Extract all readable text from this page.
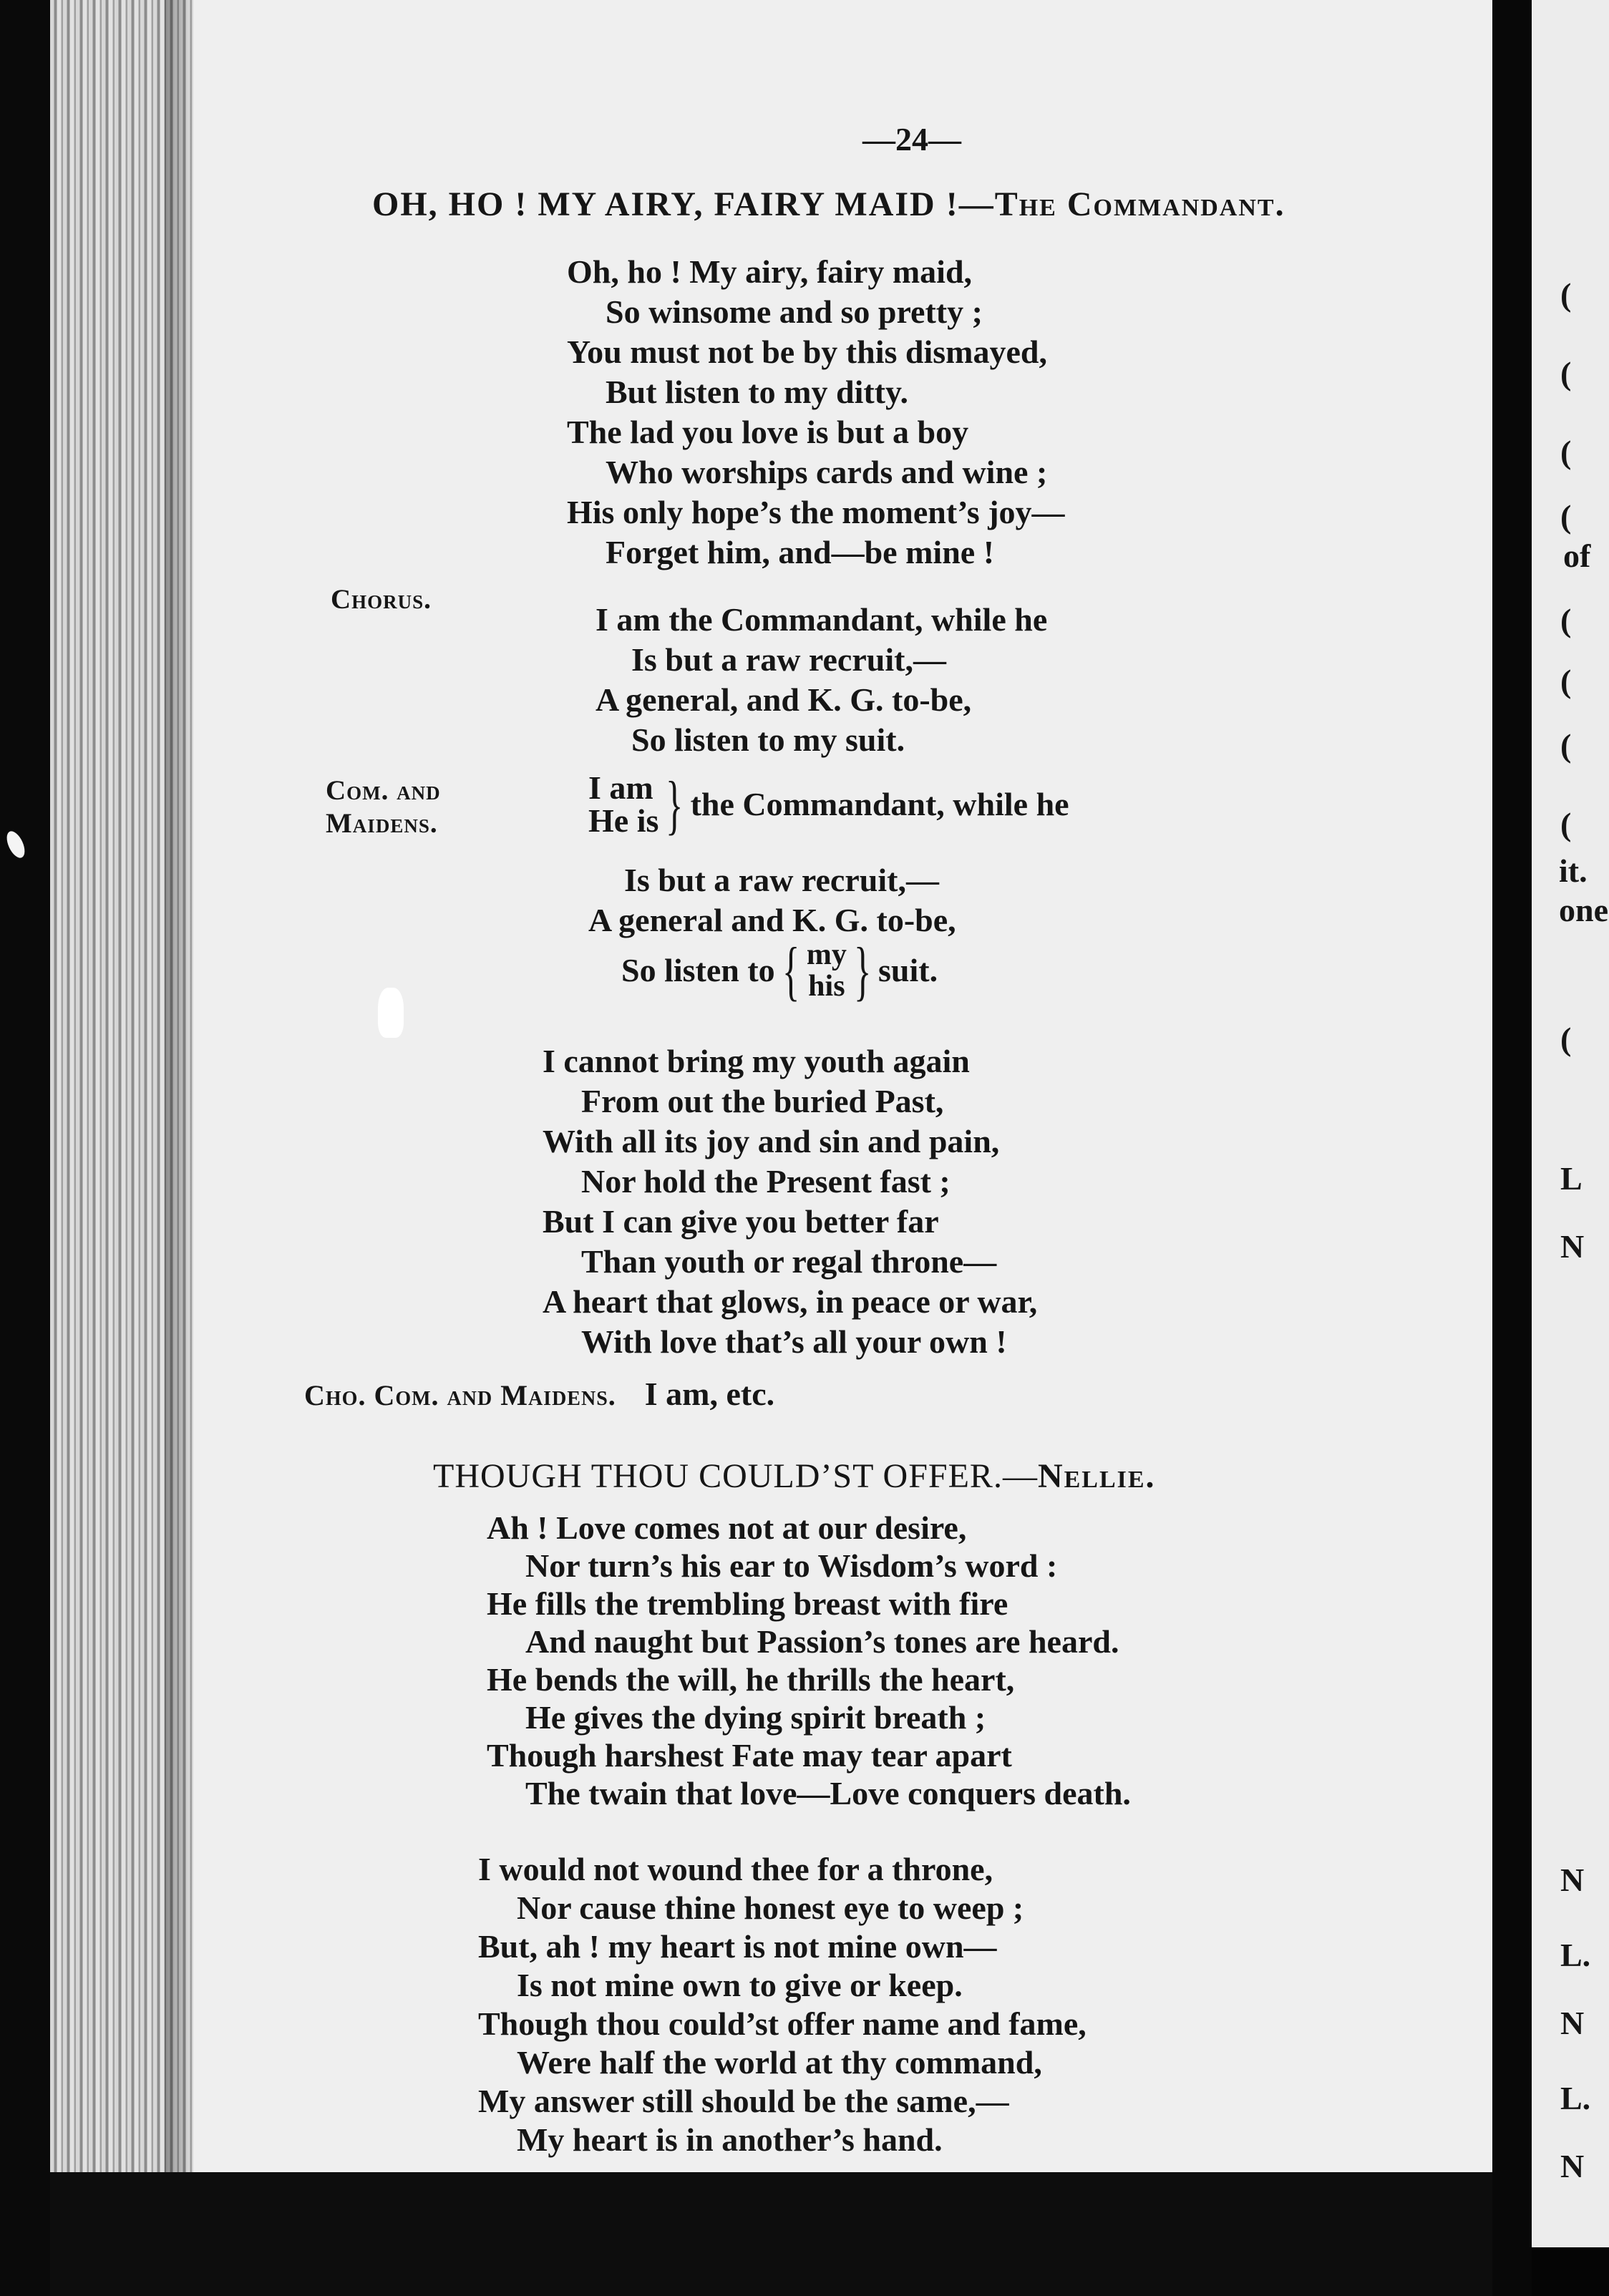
(
(
(
(
of
(
(
(
(
it.
one
(
L
N
N
L.
N
L.
N
—24—
OH, HO ! MY AIRY, FAIRY MAID !—The Commandant.
Oh, ho ! My airy, fairy maid,
So winsome and so pretty ;
You must not be by this dismayed,
But listen to my ditty.
The lad you love is but a boy
Who worships cards and wine ;
His only hope’s the moment’s joy—
Forget him, and—be mine !
Chorus.
I am the Commandant, while he
Is but a raw recruit,—
A general, and K. G. to-be,
So listen to my suit.
Com. and
Maidens.
I am
He is } the Commandant, while he
Is but a raw recruit,—
A general and K. G. to-be,
So listen to { my
his } suit.
I cannot bring my youth again
From out the buried Past,
With all its joy and sin and pain,
Nor hold the Present fast ;
But I can give you better far
Than youth or regal throne—
A heart that glows, in peace or war,
With love that’s all your own !
Cho. Com. and Maidens. I am, etc.
THOUGH THOU COULD’ST OFFER.—Nellie.
Ah ! Love comes not at our desire,
Nor turn’s his ear to Wisdom’s word :
He fills the trembling breast with fire
And naught but Passion’s tones are heard.
He bends the will, he thrills the heart,
He gives the dying spirit breath ;
Though harshest Fate may tear apart
The twain that love—Love conquers death.
I would not wound thee for a throne,
Nor cause thine honest eye to weep ;
But, ah ! my heart is not mine own—
Is not mine own to give or keep.
Though thou could’st offer name and fame,
Were half the world at thy command,
My answer still should be the same,—
My heart is in another’s hand.
